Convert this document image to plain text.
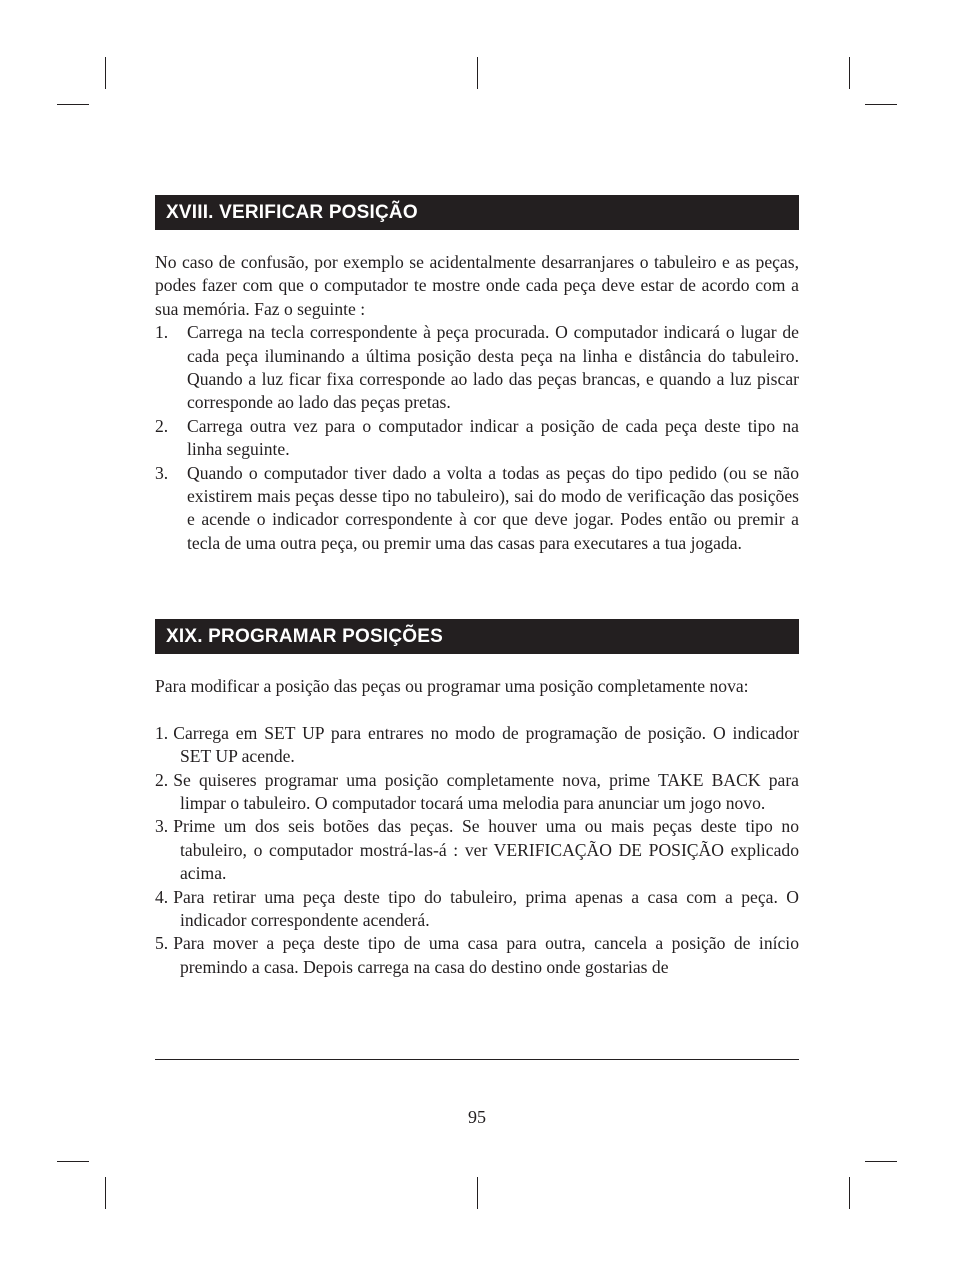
XVIII. VERIFICAR POSIÇÃO

No caso de confusão, por exemplo se acidentalmente desarranjares o tabuleiro e as peças, podes fazer com que o computador te mostre onde cada peça deve estar de acordo com a sua memória. Faz o seguinte :

1. Carrega na tecla correspondente à peça procurada. O computador indicará o lugar de cada peça iluminando a última posição desta peça na linha e distância do tabuleiro. Quando a luz ficar fixa corresponde ao lado das peças brancas, e quando a luz piscar corresponde ao lado das peças pretas.
2. Carrega outra vez para o computador indicar a posição de cada peça deste tipo na linha seguinte.
3. Quando o computador tiver dado a volta a todas as peças do tipo pedido (ou se não existirem mais peças desse tipo no tabuleiro), sai do modo de verificação das posições e acende o indicador correspondente à cor que deve jogar. Podes então ou premir a tecla de uma outra peça, ou premir uma das casas para executares a tua jogada.
XIX. PROGRAMAR POSIÇÕES

Para modificar a posição das peças ou programar uma posição completamente nova:

1. Carrega em SET UP para entrares no modo de programação de posição. O indicador SET UP acende.
2. Se quiseres programar uma posição completamente nova, prime TAKE BACK para limpar o tabuleiro. O computador tocará uma melodia para anunciar um jogo novo.
3. Prime um dos seis botões das peças. Se houver uma ou mais peças deste tipo no tabuleiro, o computador mostrá-las-á : ver VERIFICAÇÃO DE POSIÇÃO explicado acima.
4. Para retirar uma peça deste tipo do tabuleiro, prima apenas a casa com a peça. O indicador correspondente acenderá.
5. Para mover a peça deste tipo de uma casa para outra, cancela a posição de início premindo a casa. Depois carrega na casa do destino onde gostarias de
95
